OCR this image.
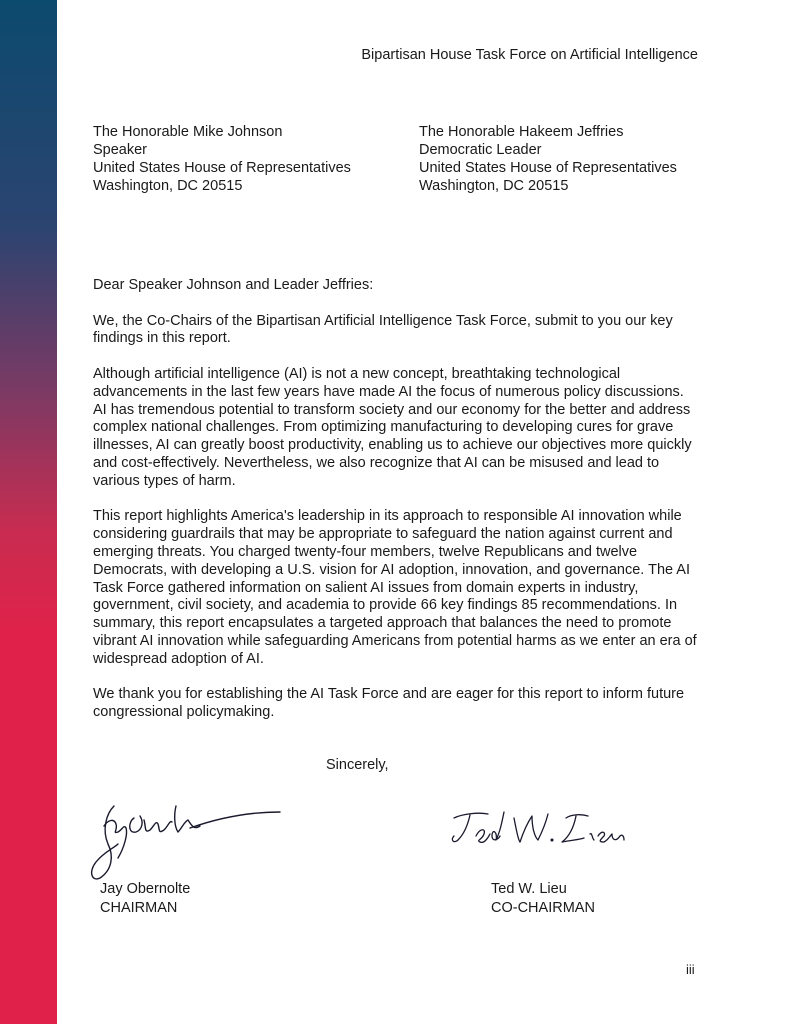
Bipartisan House Task Force on Artificial Intelligence
The Honorable Mike Johnson
Speaker
United States House of Representatives
Washington, DC 20515
The Honorable Hakeem Jeffries
Democratic Leader
United States House of Representatives
Washington, DC 20515

Dear Speaker Johnson and Leader Jeffries:

We, the Co-Chairs of the Bipartisan Artificial Intelligence Task Force, submit to you our key findings in this report.

Although artificial intelligence (AI) is not a new concept, breathtaking technological advancements in the last few years have made AI the focus of numerous policy discussions. AI has tremendous potential to transform society and our economy for the better and address complex national challenges. From optimizing manufacturing to developing cures for grave illnesses, AI can greatly boost productivity, enabling us to achieve our objectives more quickly and cost-effectively. Nevertheless, we also recognize that AI can be misused and lead to various types of harm.

This report highlights America's leadership in its approach to responsible AI innovation while considering guardrails that may be appropriate to safeguard the nation against current and emerging threats. You charged twenty-four members, twelve Republicans and twelve Democrats, with developing a U.S. vision for AI adoption, innovation, and governance. The AI Task Force gathered information on salient AI issues from domain experts in industry, government, civil society, and academia to provide 66 key findings 85 recommendations. In summary, this report encapsulates a targeted approach that balances the need to promote vibrant AI innovation while safeguarding Americans from potential harms as we enter an era of widespread adoption of AI.

We thank you for establishing the AI Task Force and are eager for this report to inform future congressional policymaking.

Sincerely,
Jay Obernolte
CHAIRMAN
Ted W. Lieu
CO-CHAIRMAN
iii
